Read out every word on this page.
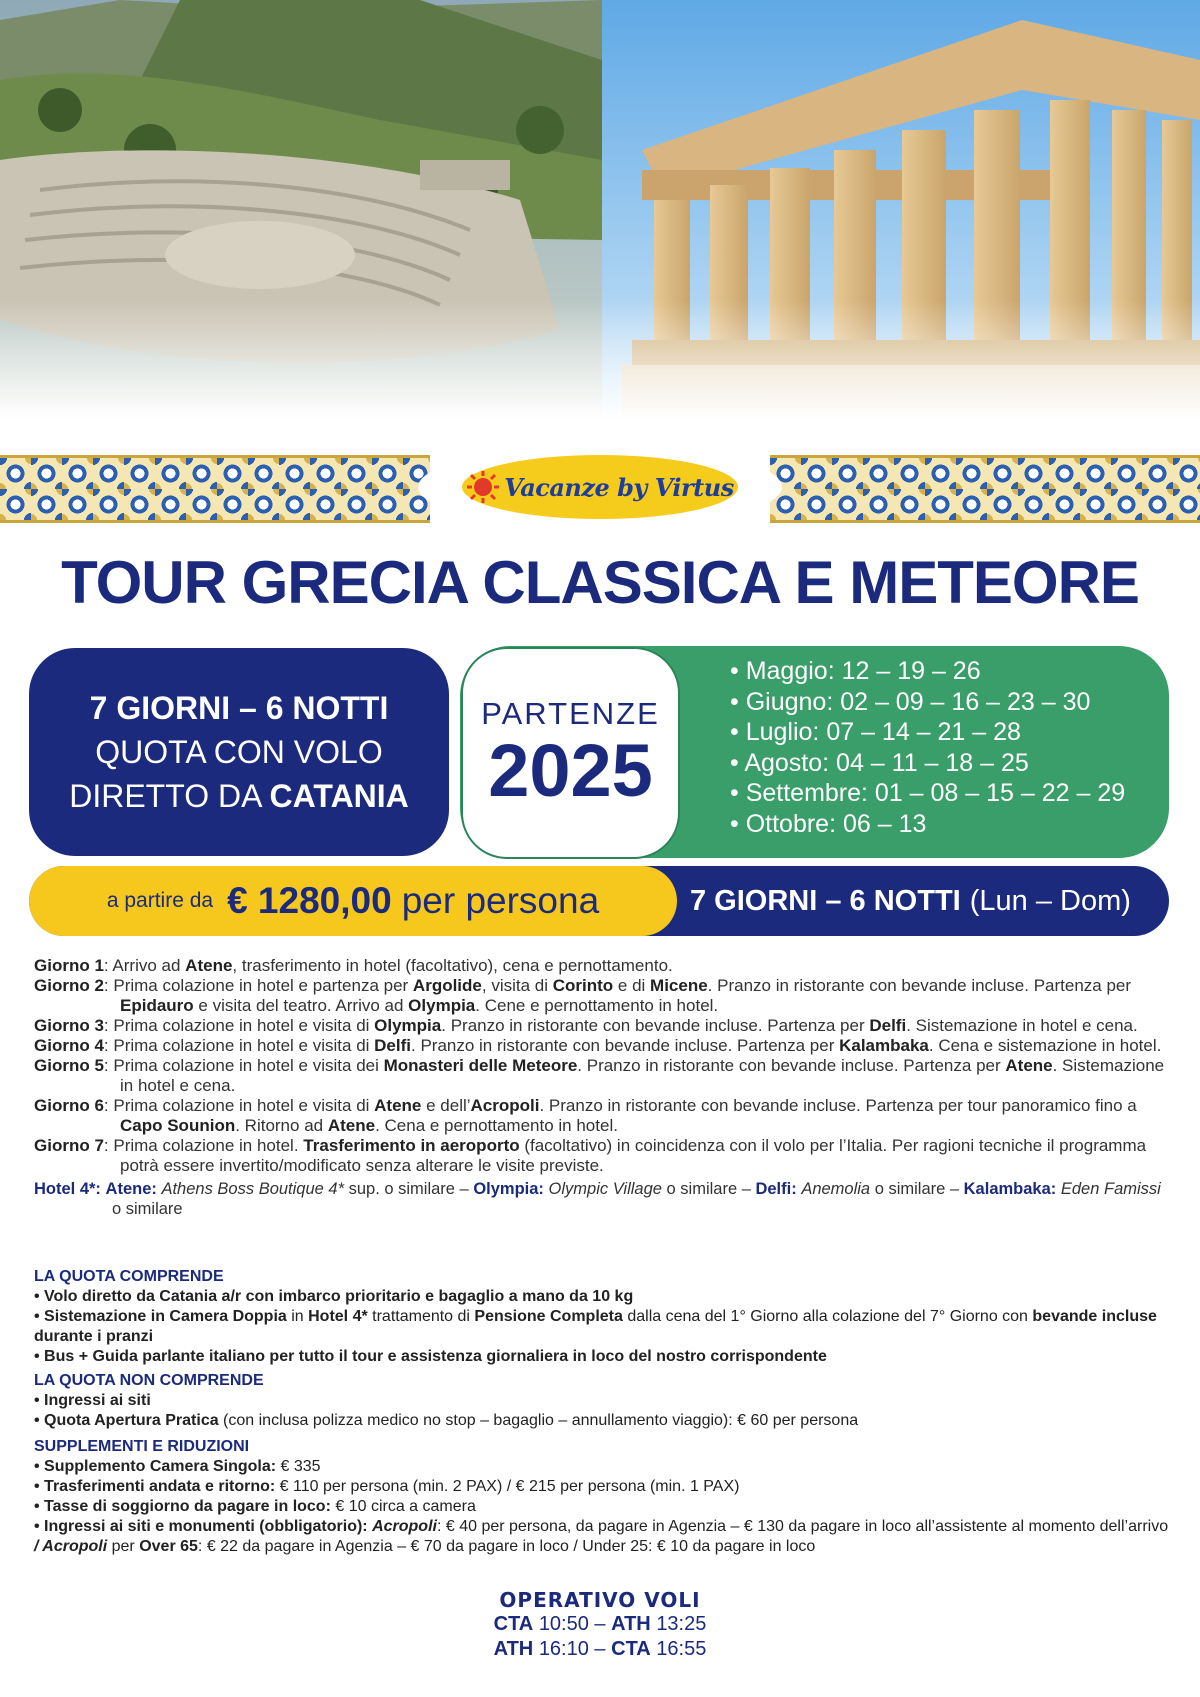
Vacanze by Virtus
TOUR GRECIA CLASSICA E METEORE
7 GIORNI – 6 NOTTI
QUOTA CON VOLO
DIRETTO DA CATANIA
PARTENZE
2025
• Maggio: 12 – 19 – 26
• Giugno: 02 – 09 – 16 – 23 – 30
• Luglio: 07 – 14 – 21 – 28
• Agosto: 04 – 11 – 18 – 25
• Settembre: 01 – 08 – 15 – 22 – 29
• Ottobre: 06 – 13
a partire da € 1280,00 per persona	7 GIORNI – 6 NOTTI (Lun – Dom)
Giorno 1: Arrivo ad Atene, trasferimento in hotel (facoltativo), cena e pernottamento.
Giorno 2: Prima colazione in hotel e partenza per Argolide, visita di Corinto e di Micene. Pranzo in ristorante con bevande incluse. Partenza per Epidauro e visita del teatro. Arrivo ad Olympia. Cene e pernottamento in hotel.
Giorno 3: Prima colazione in hotel e visita di Olympia. Pranzo in ristorante con bevande incluse. Partenza per Delfi. Sistemazione in hotel e cena.
Giorno 4: Prima colazione in hotel e visita di Delfi. Pranzo in ristorante con bevande incluse. Partenza per Kalambaka. Cena e sistemazione in hotel.
Giorno 5: Prima colazione in hotel e visita dei Monasteri delle Meteore. Pranzo in ristorante con bevande incluse. Partenza per Atene. Sistemazione in hotel e cena.
Giorno 6: Prima colazione in hotel e visita di Atene e dell’Acropoli. Pranzo in ristorante con bevande incluse. Partenza per tour panoramico fino a Capo Sounion. Ritorno ad Atene. Cena e pernottamento in hotel.
Giorno 7: Prima colazione in hotel. Trasferimento in aeroporto (facoltativo) in coincidenza con il volo per l’Italia. Per ragioni tecniche il programma potrà essere invertito/modificato senza alterare le visite previste.
Hotel 4*: Atene: Athens Boss Boutique 4* sup. o similare – Olympia: Olympic Village o similare – Delfi: Anemolia o similare – Kalambaka: Eden Famissi o similare
LA QUOTA COMPRENDE

• Volo diretto da Catania a/r con imbarco prioritario e bagaglio a mano da 10 kg

• Sistemazione in Camera Doppia in Hotel 4* trattamento di Pensione Completa dalla cena del 1° Giorno alla colazione del 7° Giorno con bevande incluse durante i pranzi

• Bus + Guida parlante italiano per tutto il tour e assistenza giornaliera in loco del nostro corrispondente

LA QUOTA NON COMPRENDE

• Ingressi ai siti

• Quota Apertura Pratica (con inclusa polizza medico no stop – bagaglio – annullamento viaggio): € 60 per persona

SUPPLEMENTI E RIDUZIONI

• Supplemento Camera Singola: € 335

• Trasferimenti andata e ritorno: € 110 per persona (min. 2 PAX) / € 215 per persona (min. 1 PAX)

• Tasse di soggiorno da pagare in loco: € 10 circa a camera

• Ingressi ai siti e monumenti (obbligatorio): Acropoli: € 40 per persona, da pagare in Agenzia – € 130 da pagare in loco all’assistente al momento dell’arrivo / Acropoli per Over 65: € 22 da pagare in Agenzia – € 70 da pagare in loco / Under 25: € 10 da pagare in loco

OPERATIVO VOLI
CTA 10:50 – ATH 13:25
ATH 16:10 – CTA 16:55
